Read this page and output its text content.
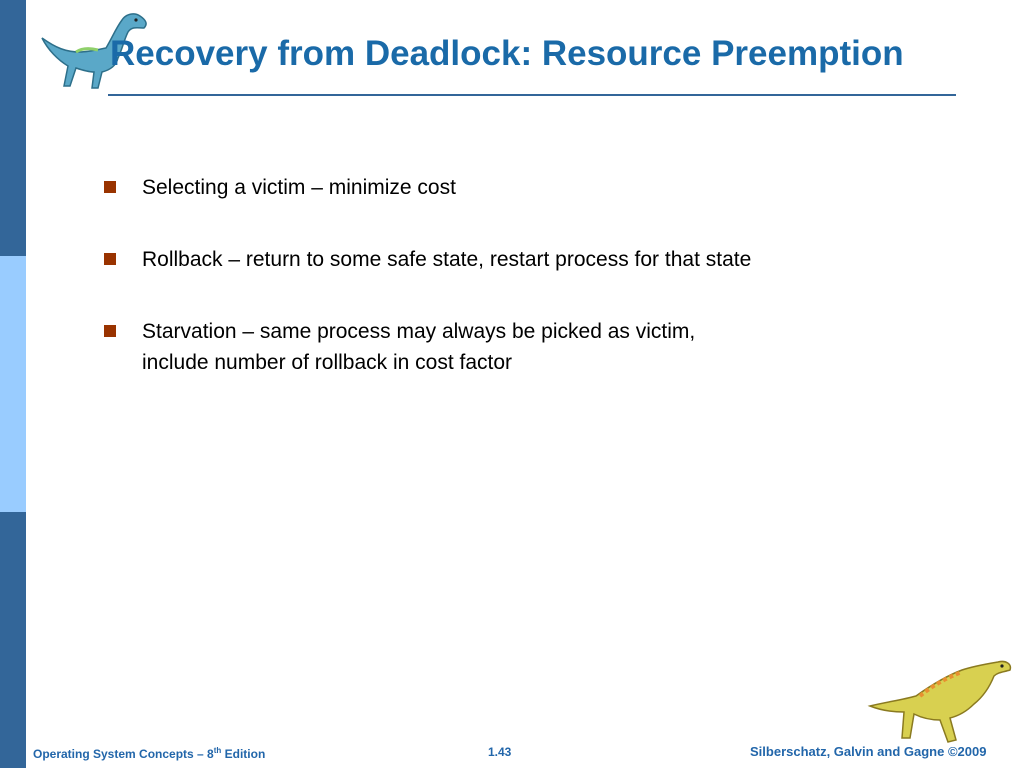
Recovery from Deadlock: Resource Preemption
Selecting a victim – minimize cost
Rollback – return to some safe state, restart process for that state
Starvation – same process may always be picked as victim,
include number of rollback in cost factor
Operating System Concepts – 8th Edition	1.43	Silberschatz, Galvin and Gagne ©2009
